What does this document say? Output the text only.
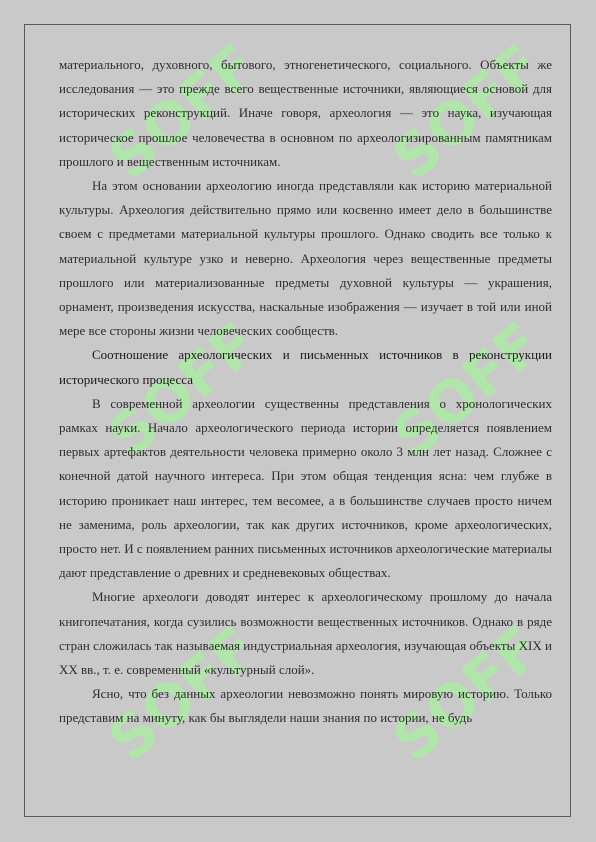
SOFF SOFF
SOFF SOFF
SOFF SOFF

материального, духовного, бытового, этногенетического, социального. Объекты же исследования — это прежде всего вещественные источники, являющиеся основой для исторических реконструкций. Иначе говоря, археология — это наука, изучающая историческое прошлое человечества в основном по археологизированным памятникам прошлого и вещественным источникам.

На этом основании археологию иногда представляли как историю материальной культуры. Археология действительно прямо или косвенно имеет дело в большинстве своем с предметами материальной культуры прошлого. Однако сводить все только к материальной культуре узко и неверно. Археология через вещественные предметы прошлого или материализованные предметы духовной культуры — украшения, орнамент, произведения искусства, наскальные изображения — изучает в той или иной мере все стороны жизни человеческих сообществ.

Соотношение археологических и письменных источников в реконструкции исторического процесса

В современной археологии существенны представления о хронологических рамках науки. Начало археологического периода истории определяется появлением первых артефактов деятельности человека примерно около 3 млн лет назад. Сложнее с конечной датой научного интереса. При этом общая тенденция ясна: чем глубже в историю проникает наш интерес, тем весомее, а в большинстве случаев просто ничем не заменима, роль археологии, так как других источников, кроме археологических, просто нет. И с появлением ранних письменных источников археологические материалы дают представление о древних и средневековых обществах.

Многие археологи доводят интерес к археологическому прошлому до начала книгопечатания, когда сузились возможности вещественных источников. Однако в ряде стран сложилась так называемая индустриальная археология, изучающая объекты XIX и XX вв., т. е. современный «культурный слой».

Ясно, что без данных археологии невозможно понять мировую историю. Только представим на минуту, как бы выглядели наши знания по истории, не будь
